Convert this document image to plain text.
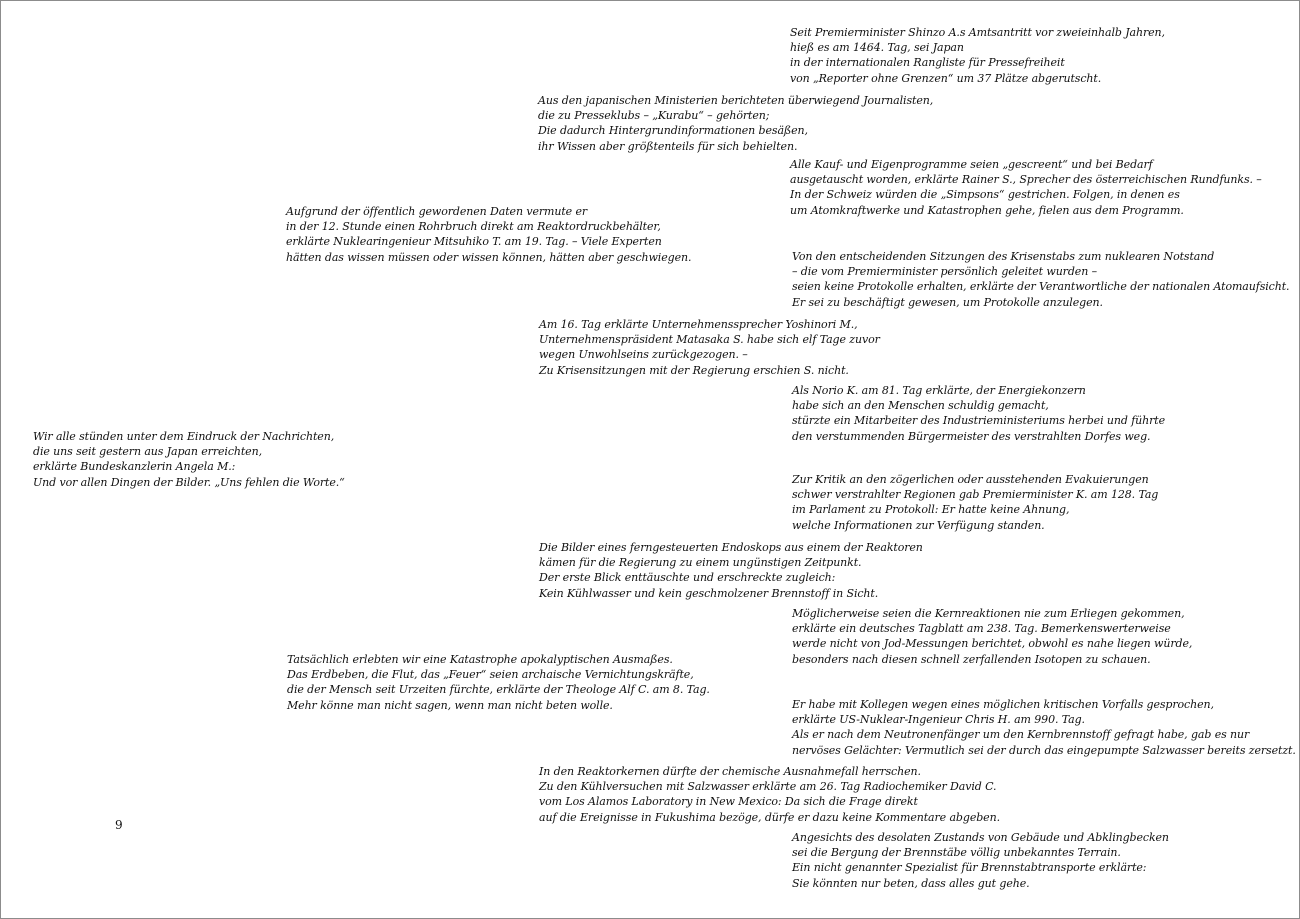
Seit Premierminister Shinzo A.s Amtsantritt vor zweieinhalb Jahren,
hieß es am 1464. Tag, sei Japan
in der internationalen Rangliste für Pressefreiheit
von „Reporter ohne Grenzen“ um 37 Plätze abgerutscht.
Aus den japanischen Ministerien berichteten überwiegend Journalisten,
die zu Presseklubs – „Kurabu“ – gehörten;
Die dadurch Hintergrundinformationen besäßen,
ihr Wissen aber größtenteils für sich behielten.
Alle Kauf- und Eigenprogramme seien „gescreent“ und bei Bedarf
ausgetauscht worden, erklärte Rainer S., Sprecher des österreichischen Rundfunks. –
In der Schweiz würden die „Simpsons“ gestrichen. Folgen, in denen es
um Atomkraftwerke und Katastrophen gehe, fielen aus dem Programm.
Aufgrund der öffentlich gewordenen Daten vermute er
in der 12. Stunde einen Rohrbruch direkt am Reaktordruckbehälter,
erklärte Nuklearingenieur Mitsuhiko T. am 19. Tag. – Viele Experten
hätten das wissen müssen oder wissen können, hätten aber geschwiegen.	Von den entscheidenden Sitzungen des Krisenstabs zum nuklearen Notstand
– die vom Premierminister persönlich geleitet wurden –
seien keine Protokolle erhalten, erklärte der Verantwortliche der nationalen Atomaufsicht.
Er sei zu beschäftigt gewesen, um Protokolle anzulegen.
Am 16. Tag erklärte Unternehmenssprecher Yoshinori M.,
Unternehmenspräsident Matasaka S. habe sich elf Tage zuvor
wegen Unwohlseins zurückgezogen. –
Zu Krisensitzungen mit der Regierung erschien S. nicht.
Als Norio K. am 81. Tag erklärte, der Energiekonzern
habe sich an den Menschen schuldig gemacht,
stürzte ein Mitarbeiter des Industrieministeriums herbei und führte
den verstummenden Bürgermeister des verstrahlten Dorfes weg.
Wir alle stünden unter dem Eindruck der Nachrichten,
die uns seit gestern aus Japan erreichten,
erklärte Bundeskanzlerin Angela M.:
Und vor allen Dingen der Bilder. „Uns fehlen die Worte.“	Zur Kritik an den zögerlichen oder ausstehenden Evakuierungen
schwer verstrahlter Regionen gab Premierminister K. am 128. Tag
im Parlament zu Protokoll: Er hatte keine Ahnung,
welche Informationen zur Verfügung standen.
Die Bilder eines ferngesteuerten Endoskops aus einem der Reaktoren
kämen für die Regierung zu einem ungünstigen Zeitpunkt.
Der erste Blick enttäuschte und erschreckte zugleich:
Kein Kühlwasser und kein geschmolzener Brennstoff in Sicht.
Möglicherweise seien die Kernreaktionen nie zum Erliegen gekommen,
erklärte ein deutsches Tagblatt am 238. Tag. Bemerkenswerterweise
werde nicht von Jod-Messungen berichtet, obwohl es nahe liegen würde,
besonders nach diesen schnell zerfallenden Isotopen zu schauen.
Tatsächlich erlebten wir eine Katastrophe apokalyptischen Ausmaßes.
Das Erdbeben, die Flut, das „Feuer“ seien archaische Vernichtungskräfte,
die der Mensch seit Urzeiten fürchte, erklärte der Theologe Alf C. am 8. Tag.
Mehr könne man nicht sagen, wenn man nicht beten wolle.	Er habe mit Kollegen wegen eines möglichen kritischen Vorfalls gesprochen,
erklärte US-Nuklear-Ingenieur Chris H. am 990. Tag.
Als er nach dem Neutronenfänger um den Kernbrennstoff gefragt habe, gab es nur
nervöses Gelächter: Vermutlich sei der durch das eingepumpte Salzwasser bereits zersetzt.
In den Reaktorkernen dürfte der chemische Ausnahmefall herrschen.
Zu den Kühlversuchen mit Salzwasser erklärte am 26. Tag Radiochemiker David C.
vom Los Alamos Laboratory in New Mexico: Da sich die Frage direkt
auf die Ereignisse in Fukushima bezöge, dürfe er dazu keine Kommentare abgeben.
9
Angesichts des desolaten Zustands von Gebäude und Abklingbecken
sei die Bergung der Brennstäbe völlig unbekanntes Terrain.
Ein nicht genannter Spezialist für Brennstabtransporte erklärte:
Sie könnten nur beten, dass alles gut gehe.
